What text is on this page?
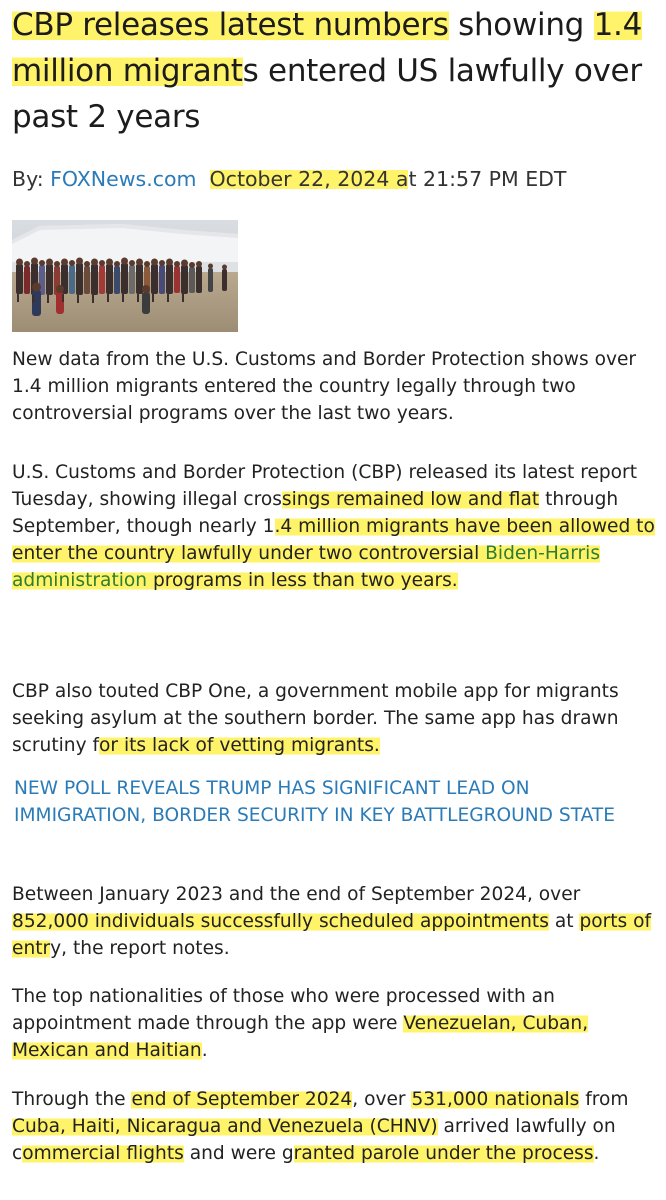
CBP releases latest numbers showing 1.4 million migrants entered US lawfully over past 2 years
By: FOXNews.com October 22, 2024 at 21:57 PM EDT
New data from the U.S. Customs and Border Protection shows over 1.4 million migrants entered the country legally through two controversial programs over the last two years.
U.S. Customs and Border Protection (CBP) released its latest report Tuesday, showing illegal crossings remained low and flat through September, though nearly 1.4 million migrants have been allowed to enter the country lawfully under two controversial Biden-Harris administration programs in less than two years.
CBP also touted CBP One, a government mobile app for migrants seeking asylum at the southern border. The same app has drawn scrutiny for its lack of vetting migrants.
NEW POLL REVEALS TRUMP HAS SIGNIFICANT LEAD ON IMMIGRATION, BORDER SECURITY IN KEY BATTLEGROUND STATE
Between January 2023 and the end of September 2024, over 852,000 individuals successfully scheduled appointments at ports of entry, the report notes.
The top nationalities of those who were processed with an appointment made through the app were Venezuelan, Cuban, Mexican and Haitian.
Through the end of September 2024, over 531,000 nationals from Cuba, Haiti, Nicaragua and Venezuela (CHNV) arrived lawfully on commercial flights and were granted parole under the process.
